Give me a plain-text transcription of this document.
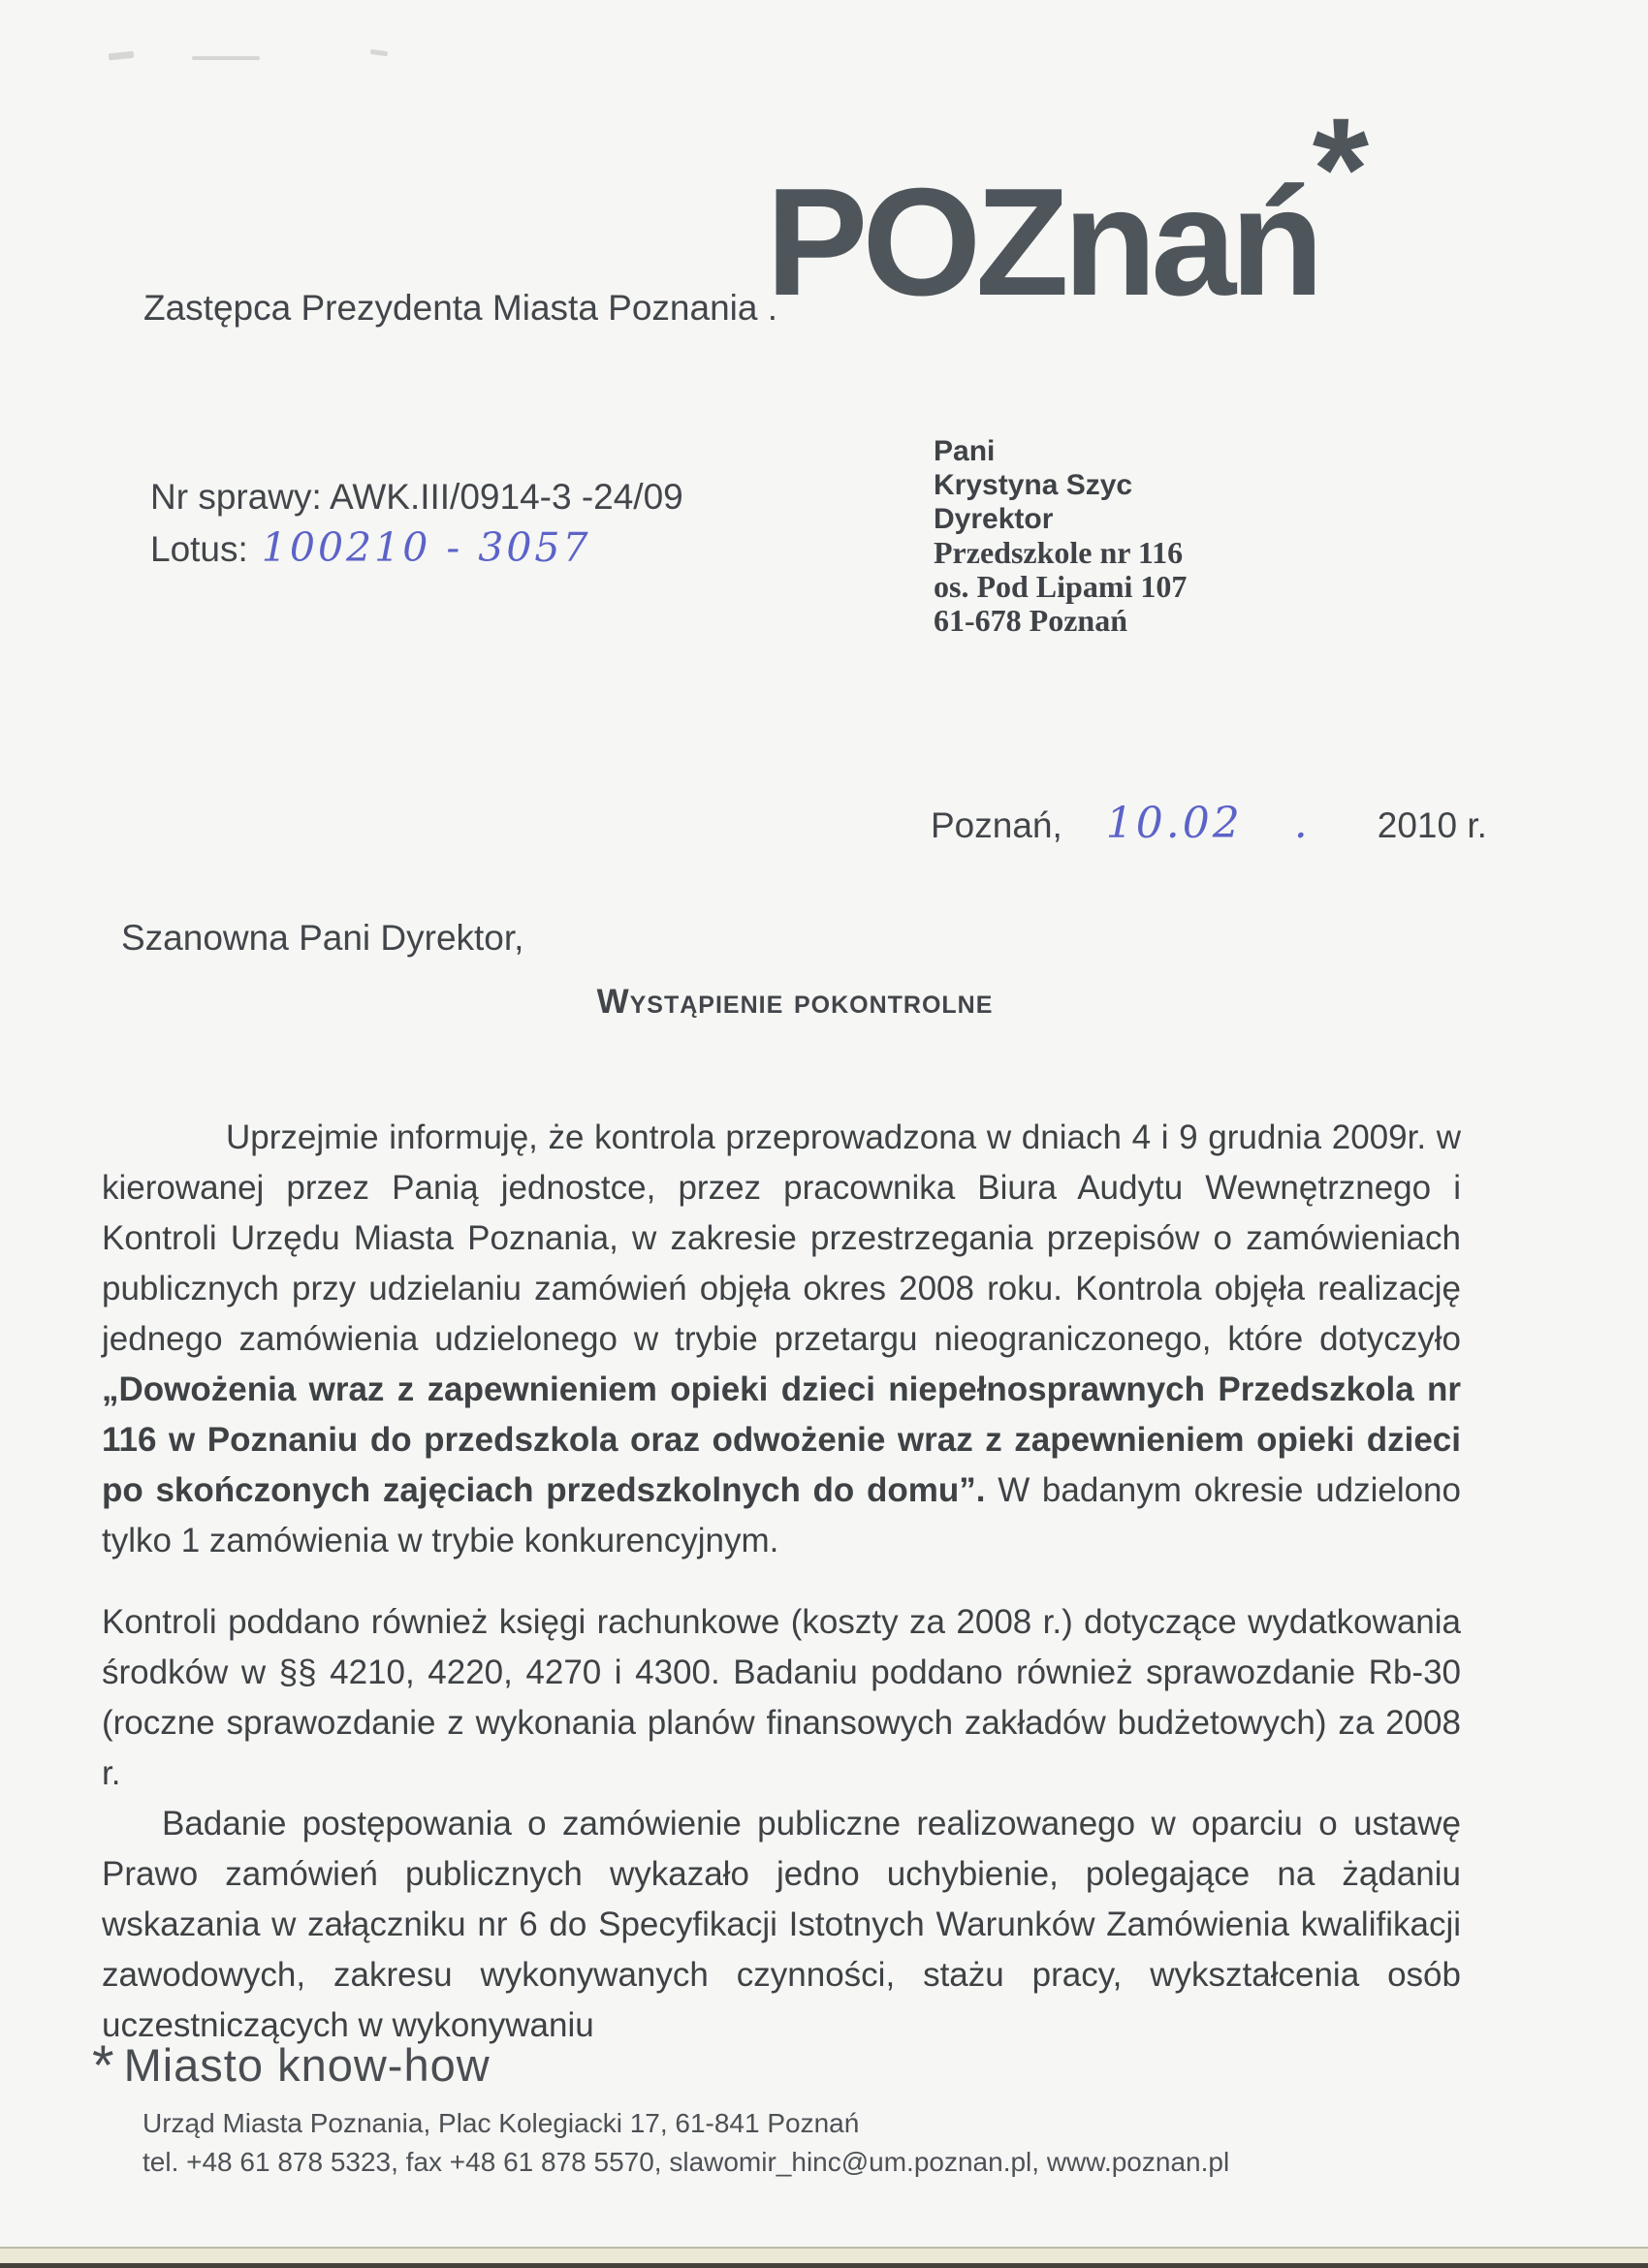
POZnań*
Zastępca Prezydenta Miasta Poznania .
Nr sprawy: AWK.III/0914-3 -24/09
Lotus: 100210 - 3057
Pani
Krystyna Szyc
Dyrektor
Przedszkole nr 116
os. Pod Lipami 107
61-678 Poznań
Poznań, 10.02 . 2010 r.
Szanowna Pani Dyrektor,
Wystąpienie pokontrolne

Uprzejmie informuję, że kontrola przeprowadzona w dniach 4 i 9 grudnia 2009r. w kierowanej przez Panią jednostce, przez pracownika Biura Audytu Wewnętrznego i Kontroli Urzędu Miasta Poznania, w zakresie przestrzegania przepisów o zamówieniach publicznych przy udzielaniu zamówień objęła okres 2008 roku. Kontrola objęła realizację jednego zamówienia udzielonego w trybie przetargu nieograniczonego, które dotyczyło „Dowożenia wraz z zapewnieniem opieki dzieci niepełnosprawnych Przedszkola nr 116 w Poznaniu do przedszkola oraz odwożenie wraz z zapewnieniem opieki dzieci po skończonych zajęciach przedszkolnych do domu”. W badanym okresie udzielono tylko 1 zamówienia w trybie konkurencyjnym.

Kontroli poddano również księgi rachunkowe (koszty za 2008 r.) dotyczące wydatkowania środków w §§ 4210, 4220, 4270 i 4300. Badaniu poddano również sprawozdanie Rb-30 (roczne sprawozdanie z wykonania planów finansowych zakładów budżetowych) za 2008 r.

Badanie postępowania o zamówienie publiczne realizowanego w oparciu o ustawę Prawo zamówień publicznych wykazało jedno uchybienie, polegające na żądaniu wskazania w załączniku nr 6 do Specyfikacji Istotnych Warunków Zamówienia kwalifikacji zawodowych, zakresu wykonywanych czynności, stażu pracy, wykształcenia osób uczestniczących w wykonywaniu

* Miasto know-how
Urząd Miasta Poznania, Plac Kolegiacki 17, 61-841 Poznań
tel. +48 61 878 5323, fax +48 61 878 5570, slawomir_hinc@um.poznan.pl, www.poznan.pl
